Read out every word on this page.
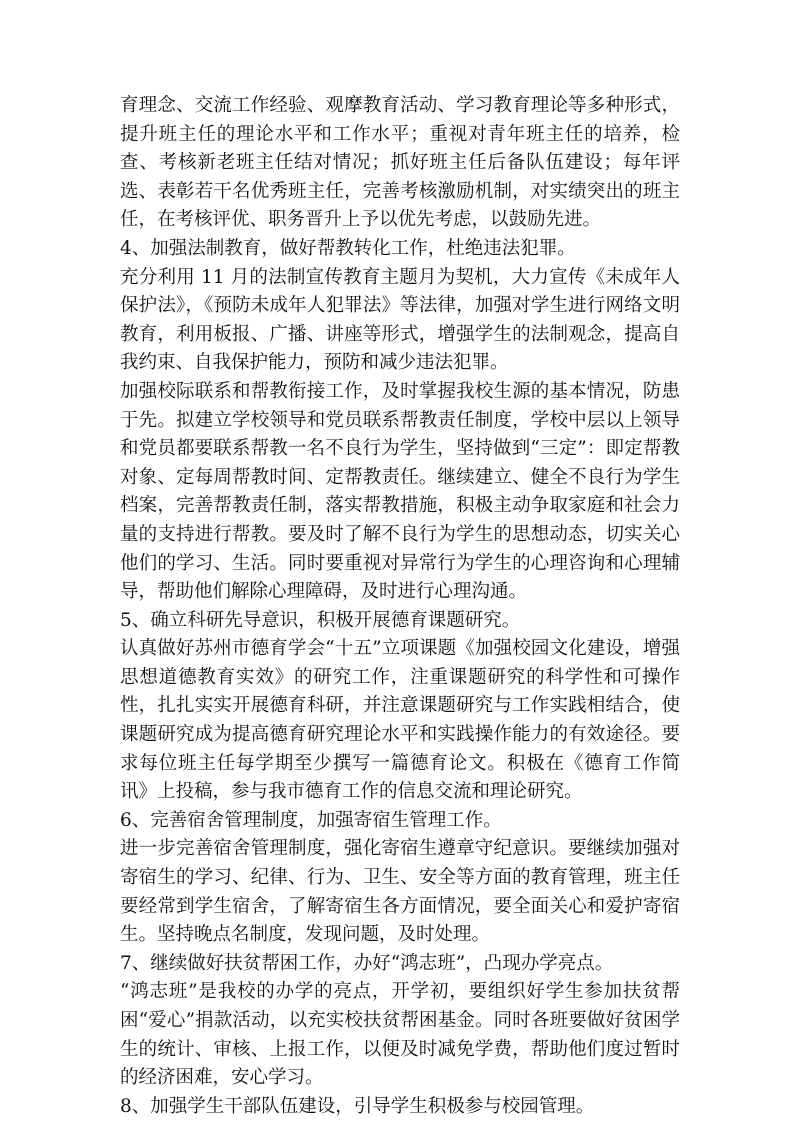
育理念、交流工作经验、观摩教育活动、学习教育理论等多种形式，提升班主任的理论水平和工作水平；重视对青年班主任的培养，检查、考核新老班主任结对情况；抓好班主任后备队伍建设；每年评选、表彰若干名优秀班主任，完善考核激励机制，对实绩突出的班主任，在考核评优、职务晋升上予以优先考虑，以鼓励先进。

4、加强法制教育，做好帮教转化工作，杜绝违法犯罪。

充分利用 11 月的法制宣传教育主题月为契机，大力宣传《未成年人保护法》，《预防未成年人犯罪法》等法律，加强对学生进行网络文明教育，利用板报、广播、讲座等形式，增强学生的法制观念，提高自我约束、自我保护能力，预防和减少违法犯罪。

加强校际联系和帮教衔接工作，及时掌握我校生源的基本情况，防患于先。拟建立学校领导和党员联系帮教责任制度，学校中层以上领导和党员都要联系帮教一名不良行为学生，坚持做到“三定”：即定帮教对象、定每周帮教时间、定帮教责任。继续建立、健全不良行为学生档案，完善帮教责任制，落实帮教措施，积极主动争取家庭和社会力量的支持进行帮教。要及时了解不良行为学生的思想动态，切实关心他们的学习、生活。同时要重视对异常行为学生的心理咨询和心理辅导，帮助他们解除心理障碍，及时进行心理沟通。

5、确立科研先导意识，积极开展德育课题研究。

认真做好苏州市德育学会“十五”立项课题《加强校园文化建设，增强思想道德教育实效》的研究工作，注重课题研究的科学性和可操作性，扎扎实实开展德育科研，并注意课题研究与工作实践相结合，使课题研究成为提高德育研究理论水平和实践操作能力的有效途径。要求每位班主任每学期至少撰写一篇德育论文。积极在《德育工作简讯》上投稿，参与我市德育工作的信息交流和理论研究。

6、完善宿舍管理制度，加强寄宿生管理工作。

进一步完善宿舍管理制度，强化寄宿生遵章守纪意识。要继续加强对寄宿生的学习、纪律、行为、卫生、安全等方面的教育管理，班主任要经常到学生宿舍，了解寄宿生各方面情况，要全面关心和爱护寄宿生。坚持晚点名制度，发现问题，及时处理。

7、继续做好扶贫帮困工作，办好“鸿志班”，凸现办学亮点。

“鸿志班”是我校的办学的亮点，开学初，要组织好学生参加扶贫帮困“爱心”捐款活动，以充实校扶贫帮困基金。同时各班要做好贫困学生的统计、审核、上报工作，以便及时减免学费，帮助他们度过暂时的经济困难，安心学习。

8、加强学生干部队伍建设，引导学生积极参与校园管理。
